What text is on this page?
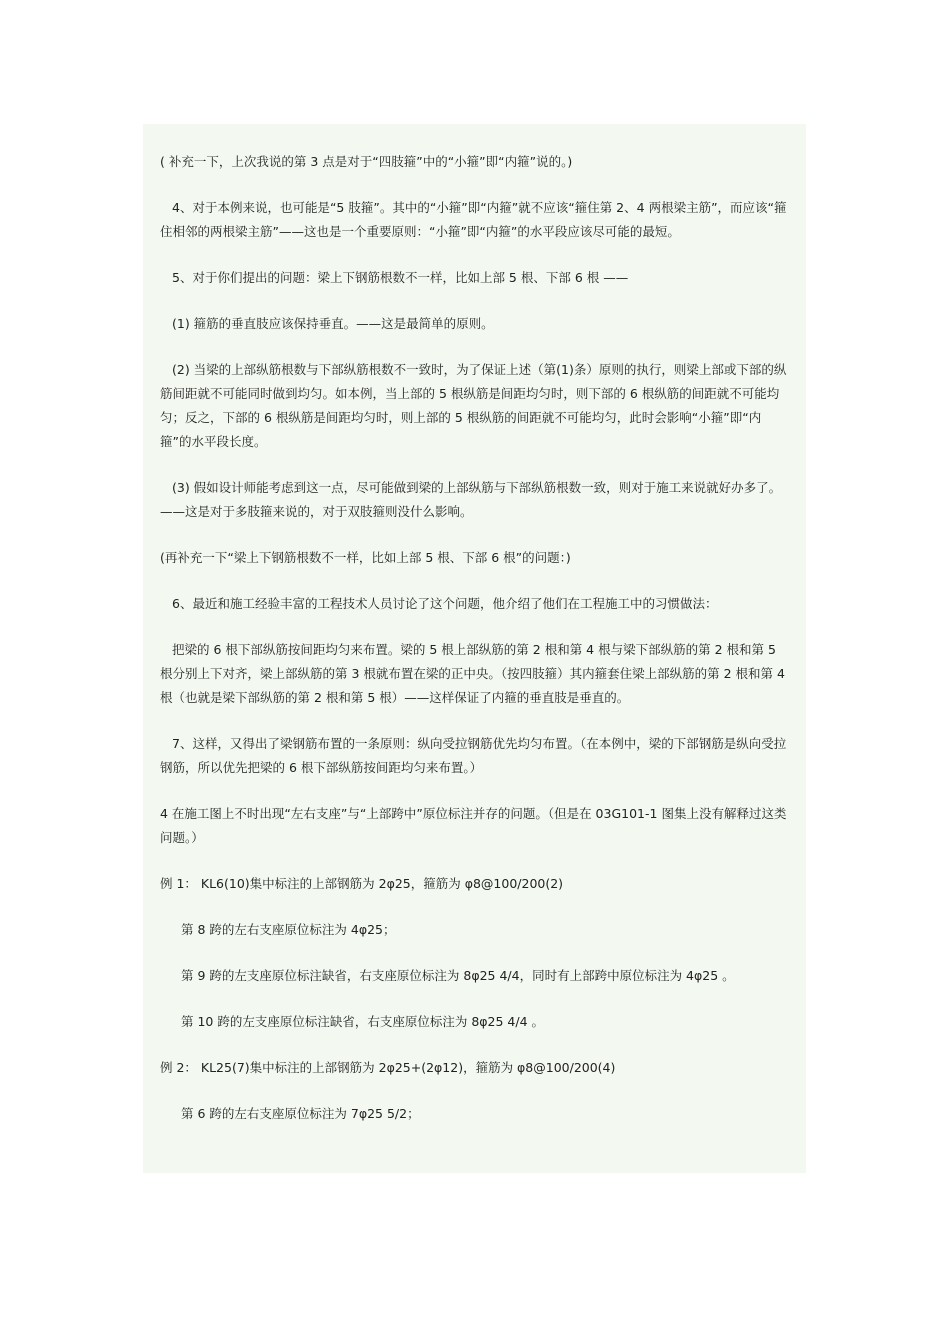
( 补充一下，上次我说的第 3 点是对于“四肢箍”中的“小箍”即“内箍”说的。)

4、对于本例来说，也可能是“5 肢箍”。其中的“小箍”即“内箍”就不应该“箍住第 2、4 两根梁主筋”，而应该“箍住相邻的两根梁主筋”——这也是一个重要原则：“小箍”即“内箍”的水平段应该尽可能的最短。

5、对于你们提出的问题：梁上下钢筋根数不一样，比如上部 5 根、下部 6 根 ——

(1) 箍筋的垂直肢应该保持垂直。——这是最简单的原则。

(2) 当梁的上部纵筋根数与下部纵筋根数不一致时，为了保证上述（第(1)条）原则的执行，则梁上部或下部的纵筋间距就不可能同时做到均匀。如本例，当上部的 5 根纵筋是间距均匀时，则下部的 6 根纵筋的间距就不可能均匀；反之，下部的 6 根纵筋是间距均匀时，则上部的 5 根纵筋的间距就不可能均匀，此时会影响“小箍”即“内箍”的水平段长度。

(3) 假如设计师能考虑到这一点，尽可能做到梁的上部纵筋与下部纵筋根数一致，则对于施工来说就好办多了。——这是对于多肢箍来说的，对于双肢箍则没什么影响。

(再补充一下“梁上下钢筋根数不一样，比如上部 5 根、下部 6 根”的问题：)

6、最近和施工经验丰富的工程技术人员讨论了这个问题，他介绍了他们在工程施工中的习惯做法：

把梁的 6 根下部纵筋按间距均匀来布置。梁的 5 根上部纵筋的第 2 根和第 4 根与梁下部纵筋的第 2 根和第 5 根分别上下对齐，梁上部纵筋的第 3 根就布置在梁的正中央。（按四肢箍）其内箍套住梁上部纵筋的第 2 根和第 4 根（也就是梁下部纵筋的第 2 根和第 5 根）——这样保证了内箍的垂直肢是垂直的。

7、这样，又得出了梁钢筋布置的一条原则：纵向受拉钢筋优先均匀布置。（在本例中，梁的下部钢筋是纵向受拉钢筋，所以优先把梁的 6 根下部纵筋按间距均匀来布置。）

4 在施工图上不时出现“左右支座”与“上部跨中”原位标注并存的问题。（但是在 03G101-1 图集上没有解释过这类问题。）

例 1： KL6(10)集中标注的上部钢筋为 2φ25，箍筋为 φ8@100/200(2)

第 8 跨的左右支座原位标注为 4φ25；

第 9 跨的左支座原位标注缺省，右支座原位标注为 8φ25 4/4，同时有上部跨中原位标注为 4φ25 。

第 10 跨的左支座原位标注缺省，右支座原位标注为 8φ25 4/4 。

例 2： KL25(7)集中标注的上部钢筋为 2φ25+(2φ12)，箍筋为 φ8@100/200(4)

第 6 跨的左右支座原位标注为 7φ25 5/2；
